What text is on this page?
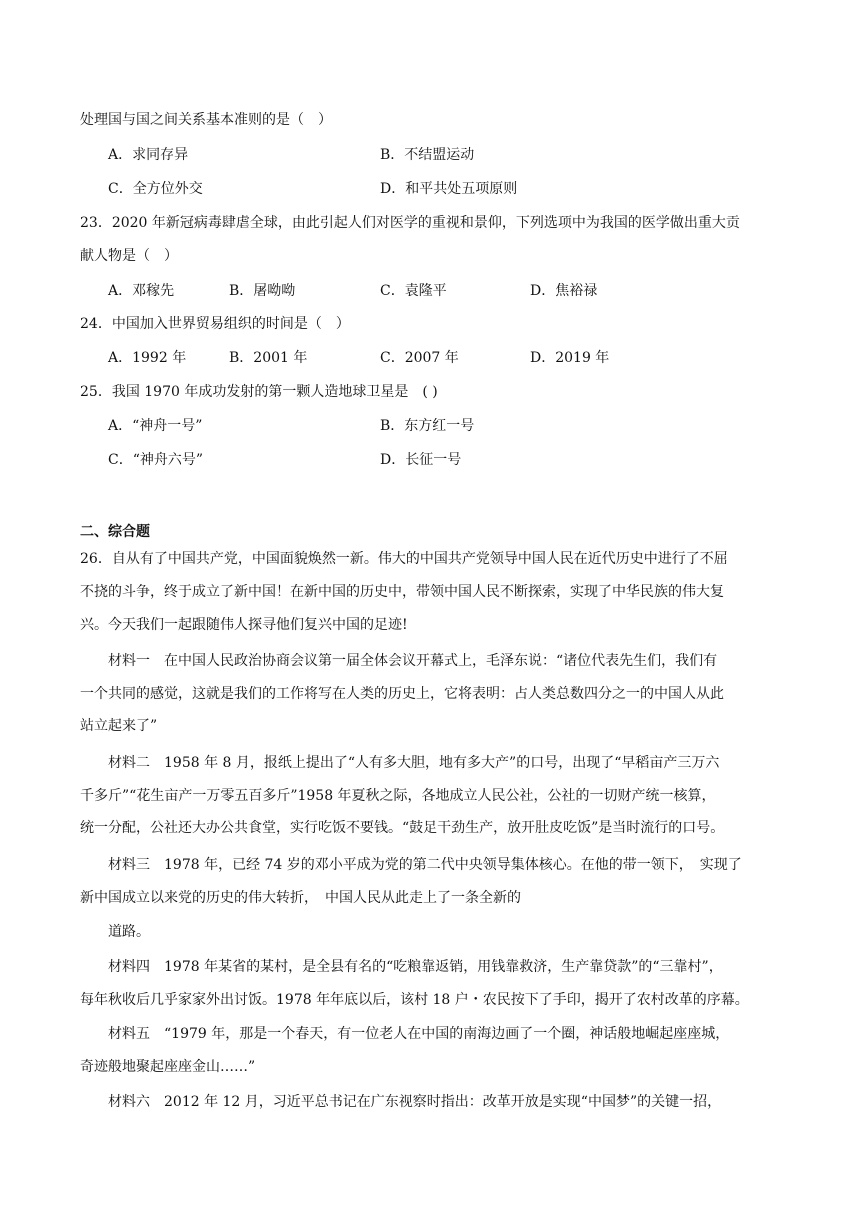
处理国与国之间关系基本准则的是（　）
A．求同存异	B．不结盟运动
C．全方位外交	D．和平共处五项原则
23．2020 年新冠病毒肆虐全球，由此引起人们对医学的重视和景仰，下列选项中为我国的医学做出重大贡
献人物是（　）
A．邓稼先	B．屠呦呦	C．袁隆平	D．焦裕禄
24．中国加入世界贸易组织的时间是（　）
A．1992 年	B．2001 年	C．2007 年	D．2019 年
25．我国 1970 年成功发射的第一颗人造地球卫星是　( )
A．“神舟一号”	B．东方红一号
C．“神舟六号”	D．长征一号
二、综合题
26．自从有了中国共产党，中国面貌焕然一新。伟大的中国共产党领导中国人民在近代历史中进行了不屈
不挠的斗争，终于成立了新中国！在新中国的历史中，带领中国人民不断探索，实现了中华民族的伟大复
兴。今天我们一起跟随伟人探寻他们复兴中国的足迹!
材料一　在中国人民政治协商会议第一届全体会议开幕式上，毛泽东说：“诸位代表先生们，我们有
一个共同的感觉，这就是我们的工作将写在人类的历史上，它将表明：占人类总数四分之一的中国人从此
站立起来了”
材料二　1958 年 8 月，报纸上提出了“人有多大胆，地有多大产”的口号，出现了“早稻亩产三万六
千多斤”“花生亩产一万零五百多斤”1958 年夏秋之际，各地成立人民公社，公社的一切财产统一核算，
统一分配，公社还大办公共食堂，实行吃饭不要钱。“鼓足干劲生产，放开肚皮吃饭”是当时流行的口号。
材料三　1978 年，已经 74 岁的邓小平成为党的第二代中央领导集体核心。在他的带一领下，　实现了
新中国成立以来党的历史的伟大转折，　中国人民从此走上了一条全新的
道路。
材料四　1978 年某省的某村，是全县有名的“吃粮靠返销，用钱靠救济，生产靠贷款”的“三靠村”，
每年秋收后几乎家家外出讨饭。1978 年年底以后，该村 18 户・农民按下了手印，揭开了农村改革的序幕。
材料五　“1979 年，那是一个春天，有一位老人在中国的南海边画了一个圈，神话般地崛起座座城，
奇迹般地聚起座座金山……”
材料六　2012 年 12 月，习近平总书记在广东视察时指出：改革开放是实现“中国梦”的关键一招，
